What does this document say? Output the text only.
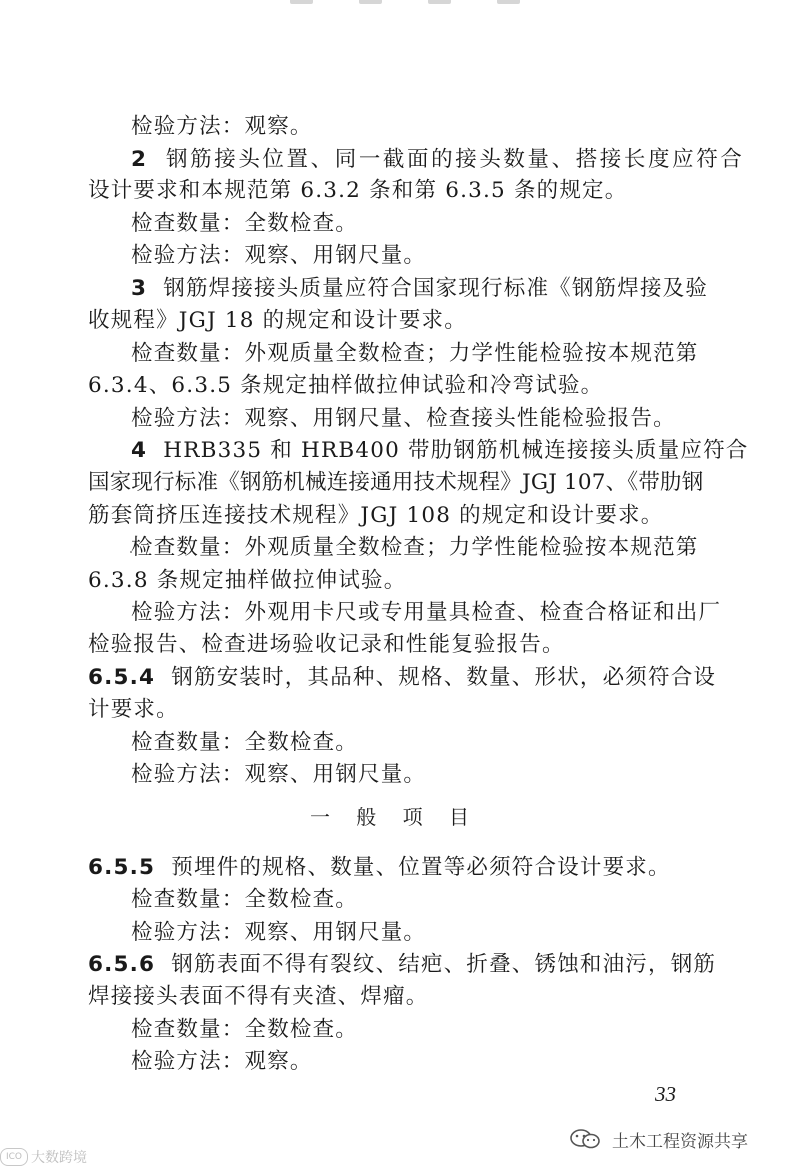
检验方法：观察。
2 钢筋接头位置、同一截面的接头数量、搭接长度应符合
设计要求和本规范第 6.3.2 条和第 6.3.5 条的规定。
检查数量：全数检查。
检验方法：观察、用钢尺量。
3 钢筋焊接接头质量应符合国家现行标准《钢筋焊接及验
收规程》JGJ 18 的规定和设计要求。
检查数量：外观质量全数检查；力学性能检验按本规范第
6.3.4、6.3.5 条规定抽样做拉伸试验和冷弯试验。
检验方法：观察、用钢尺量、检查接头性能检验报告。
4 HRB335 和 HRB400 带肋钢筋机械连接接头质量应符合
国家现行标准《钢筋机械连接通用技术规程》JGJ 107、《带肋钢
筋套筒挤压连接技术规程》JGJ 108 的规定和设计要求。
检查数量：外观质量全数检查；力学性能检验按本规范第
6.3.8 条规定抽样做拉伸试验。
检验方法：外观用卡尺或专用量具检查、检查合格证和出厂
检验报告、检查进场验收记录和性能复验报告。
6.5.4 钢筋安装时，其品种、规格、数量、形状，必须符合设
计要求。
检查数量：全数检查。
检验方法：观察、用钢尺量。
一 般 项 目
6.5.5 预埋件的规格、数量、位置等必须符合设计要求。
检查数量：全数检查。
检验方法：观察、用钢尺量。
6.5.6 钢筋表面不得有裂纹、结疤、折叠、锈蚀和油污，钢筋
焊接接头表面不得有夹渣、焊瘤。
检查数量：全数检查。
检验方法：观察。
33
土木工程资源共享
ICO 大数跨境
